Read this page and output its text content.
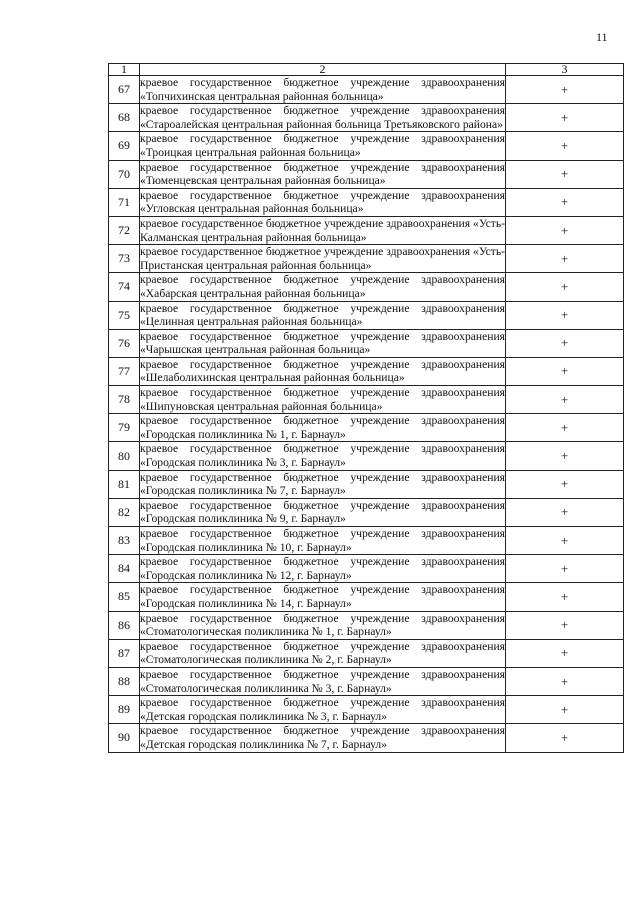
11
1	2	3
67	краевое государственное бюджетное учреждение здравоохранения «Топчихинская центральная районная больница»	+
68	краевое государственное бюджетное учреждение здравоохранения «Староалейская центральная районная больница Третьяковского района»	+
69	краевое государственное бюджетное учреждение здравоохранения «Троицкая центральная районная больница»	+
70	краевое государственное бюджетное учреждение здравоохранения «Тюменцевская центральная районная больница»	+
71	краевое государственное бюджетное учреждение здравоохранения «Угловская центральная районная больница»	+
72	краевое государственное бюджетное учреждение здравоохранения «Усть-Калманская центральная районная больница»	+
73	краевое государственное бюджетное учреждение здравоохранения «Усть-Пристанская центральная районная больница»	+
74	краевое государственное бюджетное учреждение здравоохранения «Хабарская центральная районная больница»	+
75	краевое государственное бюджетное учреждение здравоохранения «Целинная центральная районная больница»	+
76	краевое государственное бюджетное учреждение здравоохранения «Чарышская центральная районная больница»	+
77	краевое государственное бюджетное учреждение здравоохранения «Шелаболихинская центральная районная больница»	+
78	краевое государственное бюджетное учреждение здравоохранения «Шипуновская центральная районная больница»	+
79	краевое государственное бюджетное учреждение здравоохранения «Городская поликлиника № 1, г. Барнаул»	+
80	краевое государственное бюджетное учреждение здравоохранения «Городская поликлиника № 3, г. Барнаул»	+
81	краевое государственное бюджетное учреждение здравоохранения «Городская поликлиника № 7, г. Барнаул»	+
82	краевое государственное бюджетное учреждение здравоохранения «Городская поликлиника № 9, г. Барнаул»	+
83	краевое государственное бюджетное учреждение здравоохранения «Городская поликлиника № 10, г. Барнаул»	+
84	краевое государственное бюджетное учреждение здравоохранения «Городская поликлиника № 12, г. Барнаул»	+
85	краевое государственное бюджетное учреждение здравоохранения «Городская поликлиника № 14, г. Барнаул»	+
86	краевое государственное бюджетное учреждение здравоохранения «Стоматологическая поликлиника № 1, г. Барнаул»	+
87	краевое государственное бюджетное учреждение здравоохранения «Стоматологическая поликлиника № 2, г. Барнаул»	+
88	краевое государственное бюджетное учреждение здравоохранения «Стоматологическая поликлиника № 3, г. Барнаул»	+
89	краевое государственное бюджетное учреждение здравоохранения «Детская городская поликлиника № 3, г. Барнаул»	+
90	краевое государственное бюджетное учреждение здравоохранения «Детская городская поликлиника № 7, г. Барнаул»	+
